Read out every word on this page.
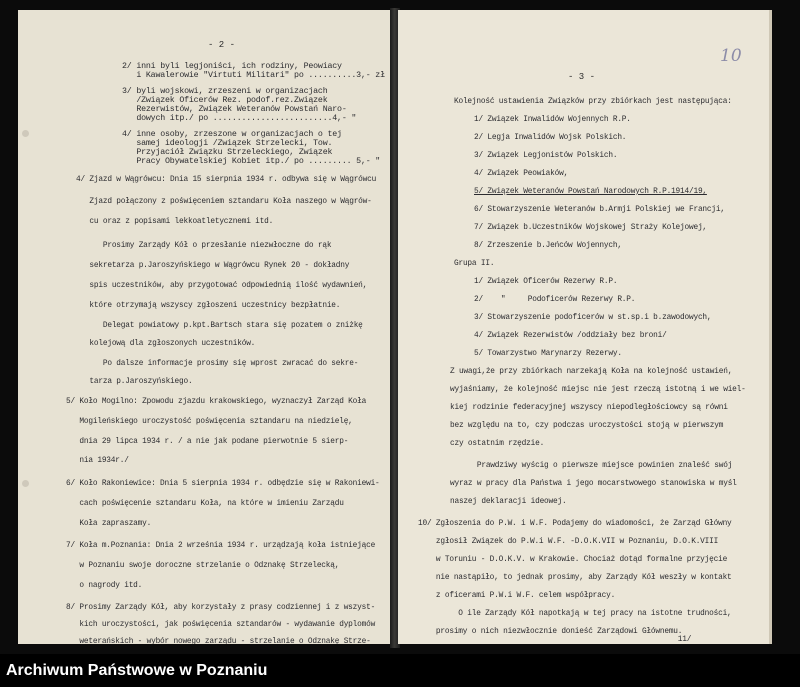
- 2 -
2/ inni byli legjoniści, ich rodziny, Peowiacy
i Kawalerowie "Virtuti Militari" po ..........3,- zł
3/ byli wojskowi, zrzeszeni w organizacjach
/Związek Oficerów Rez. podof.rez.Związek
Rezerwistów, Związek Weteranów Powstań Naro-
dowych itp./ po .........................4,- "
4/ inne osoby, zrzeszone w organizacjach o tej
samej ideologji /Związek Strzelecki, Tow.
Przyjaciół Związku Strzeleckiego, Związek
Pracy Obywatelskiej Kobiet itp./ po ......... 5,- "
4/ Zjazd w Wągrówcu: Dnia 15 sierpnia 1934 r. odbywa się w Wągrówcu
Zjazd połączony z poświęceniem sztandaru Koła naszego w Wągrów-
cu oraz z popisami lekkoatletycznemi itd.
Prosimy Zarządy Kół o przesłanie niezwłoczne do rąk
sekretarza p.Jaroszyńskiego w Wągrówcu Rynek 20 - dokładny
spis uczestników, aby przygotować odpowiednią ilość wydawnień,
które otrzymają wszyscy zgłoszeni uczestnicy bezpłatnie.
Delegat powiatowy p.kpt.Bartsch stara się pozatem o zniżkę
kolejową dla zgłoszonych uczestników.
Po dalsze informacje prosimy się wprost zwracać do sekre-
tarza p.Jaroszyńskiego.
5/ Koło Mogilno: Zpowodu zjazdu krakowskiego, wyznaczył Zarząd Koła
Mogileńskiego uroczystość poświęcenia sztandaru na niedzielę,
dnia 29 lipca 1934 r. / a nie jak podane pierwotnie 5 sierp-
nia 1934r./
6/ Koło Rakoniewice: Dnia 5 sierpnia 1934 r. odbędzie się w Rakoniewi-
cach poświęcenie sztandaru Koła, na które w imieniu Zarządu
Koła zapraszamy.
7/ Koła m.Poznania: Dnia 2 września 1934 r. urządzają koła istniejące
w Poznaniu swoje doroczne strzelanie o Odznakę Strzelecką,
o nagrody itd.
8/ Prosimy Zarządy Kół, aby korzystały z prasy codziennej i z wszyst-
kich uroczystości, jak poświęcenia sztandarów - wydawanie dyplomów
weterańskich - wybór nowego zarządu - strzelanie o Odznakę Strze-
- 3 -
10
Kolejność ustawienia Związków przy zbiórkach jest następująca:
1/ Związek Inwalidów Wojennych R.P.
2/ Legja Inwalidów Wojsk Polskich.
3/ Związek Legjonistów Polskich.
4/ Związek Peowiaków,
5/ Związek Weteranów Powstań Narodowych R.P.1914/19,
6/ Stowarzyszenie Weteranów b.Armji Polskiej we Francji,
7/ Związek b.Uczestników Wojskowej Straży Kolejowej,
8/ Zrzeszenie b.Jeńców Wojennych,
Grupa II.
1/ Związek Oficerów Rezerwy R.P.
2/    "     Podoficerów Rezerwy R.P.
3/ Stowarzyszenie podoficerów w st.sp.i b.zawodowych,
4/ Związek Rezerwistów /oddziały bez broni/
5/ Towarzystwo Marynarzy Rezerwy.
Z uwagi,że przy zbiórkach narzekają Koła na kolejność ustawień,
wyjaśniamy, że kolejność miejsc nie jest rzeczą istotną i we wiel-
kiej rodzinie federacyjnej wszyscy niepodległościowcy są równi
bez względu na to, czy podczas uroczystości stoją w pierwszym
czy ostatnim rzędzie.
Prawdziwy wyścig o pierwsze miejsce powinien znaleść swój
wyraz w pracy dla Państwa i jego mocarstwowego stanowiska w myśl
naszej deklaracji ideowej.
10/ Zgłoszenia do P.W. i W.F. Podajemy do wiadomości, że Zarząd Główny
zgłosił Związek do P.W.i W.F. -D.O.K.VII w Poznaniu, D.O.K.VIII
w Toruniu - D.O.K.V. w Krakowie. Chociaż dotąd formalne przyjęcie
nie nastąpiło, to jednak prosimy, aby Zarządy Kół weszły w kontakt
z oficerami P.W.i W.F. celem współpracy.
O ile Zarządy Kół napotkają w tej pracy na istotne trudności,
prosimy o nich niezwłocznie donieść Zarządowi Głównemu.
11/
Archiwum Państwowe w Poznaniu
